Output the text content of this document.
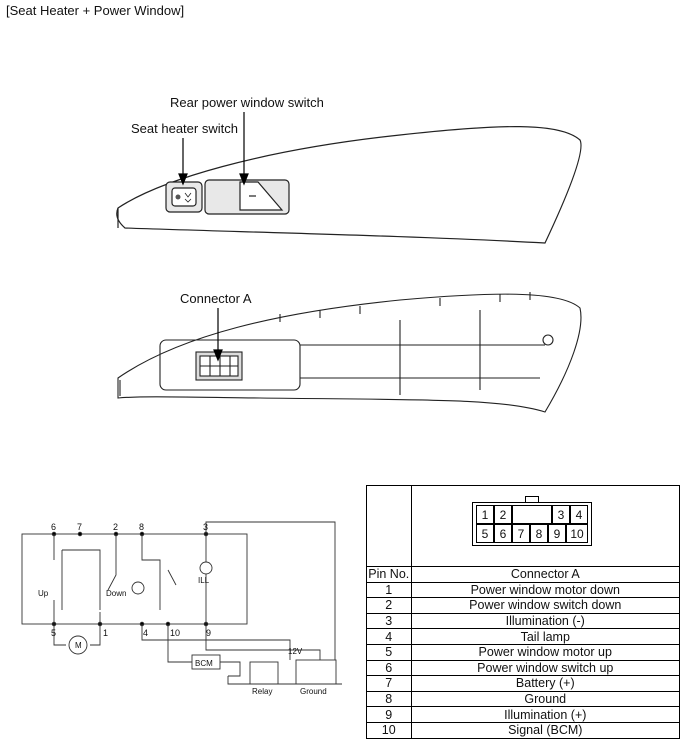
[Seat Heater + Power Window]
Rear power window switch
Seat heater switch
Connector A
6 7	2 8	3
5	1	4 10	9
Up	Down
ILL
M
BCM
Relay	Ground
12V

Pin No.	Connector A
1	Power window motor down
2	Power window switch down
3	Illumination (-)
4	Tail lamp
5	Power window motor up
6	Power window switch up
7	Battery (+)
8	Ground
9	Illumination (+)
10	Signal (BCM)
1 2	3 4
5 6 7 8 9 10
